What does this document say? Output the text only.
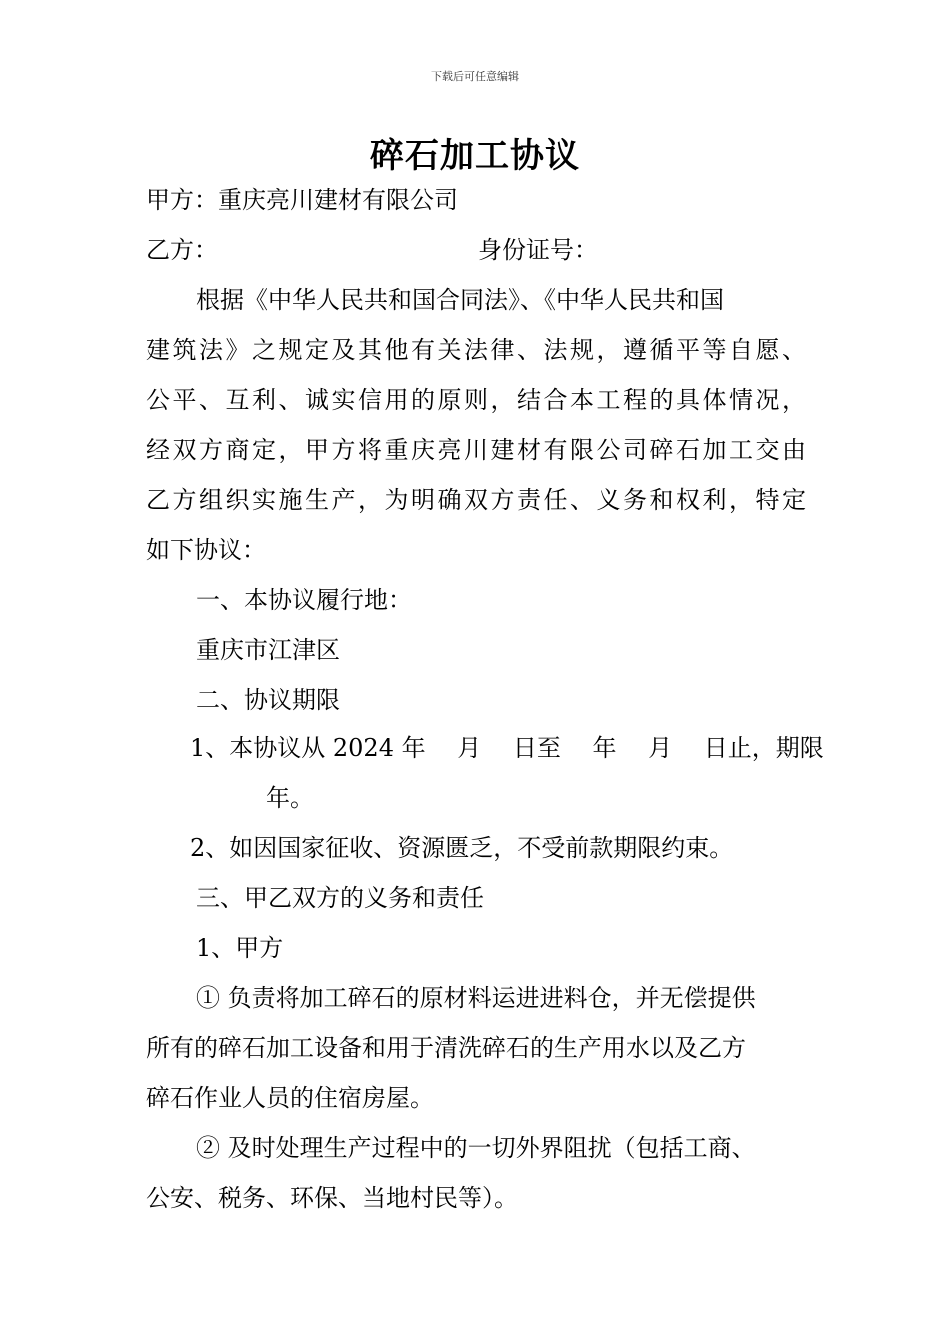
下载后可任意编辑
碎石加工协议
甲方：重庆亮川建材有限公司
乙方：	身份证号：
根据《中华人民共和国合同法》、《中华人民共和国
建筑法》之规定及其他有关法律、法规，遵循平等自愿、
公平、互利、诚实信用的原则，结合本工程的具体情况，
经双方商定，甲方将重庆亮川建材有限公司碎石加工交由
乙方组织实施生产，为明确双方责任、义务和权利，特定
如下协议：
一、本协议履行地：
重庆市江津区
二、协议期限
1、本协议从 2024 年　 月　 日至　 年　 月　 日止，期限
年。
2、如因国家征收、资源匮乏，不受前款期限约束。
三、甲乙双方的义务和责任
1、甲方
① 负责将加工碎石的原材料运进进料仓，并无偿提供
所有的碎石加工设备和用于清洗碎石的生产用水以及乙方
碎石作业人员的住宿房屋。
② 及时处理生产过程中的一切外界阻扰（包括工商、
公安、税务、环保、当地村民等）。
